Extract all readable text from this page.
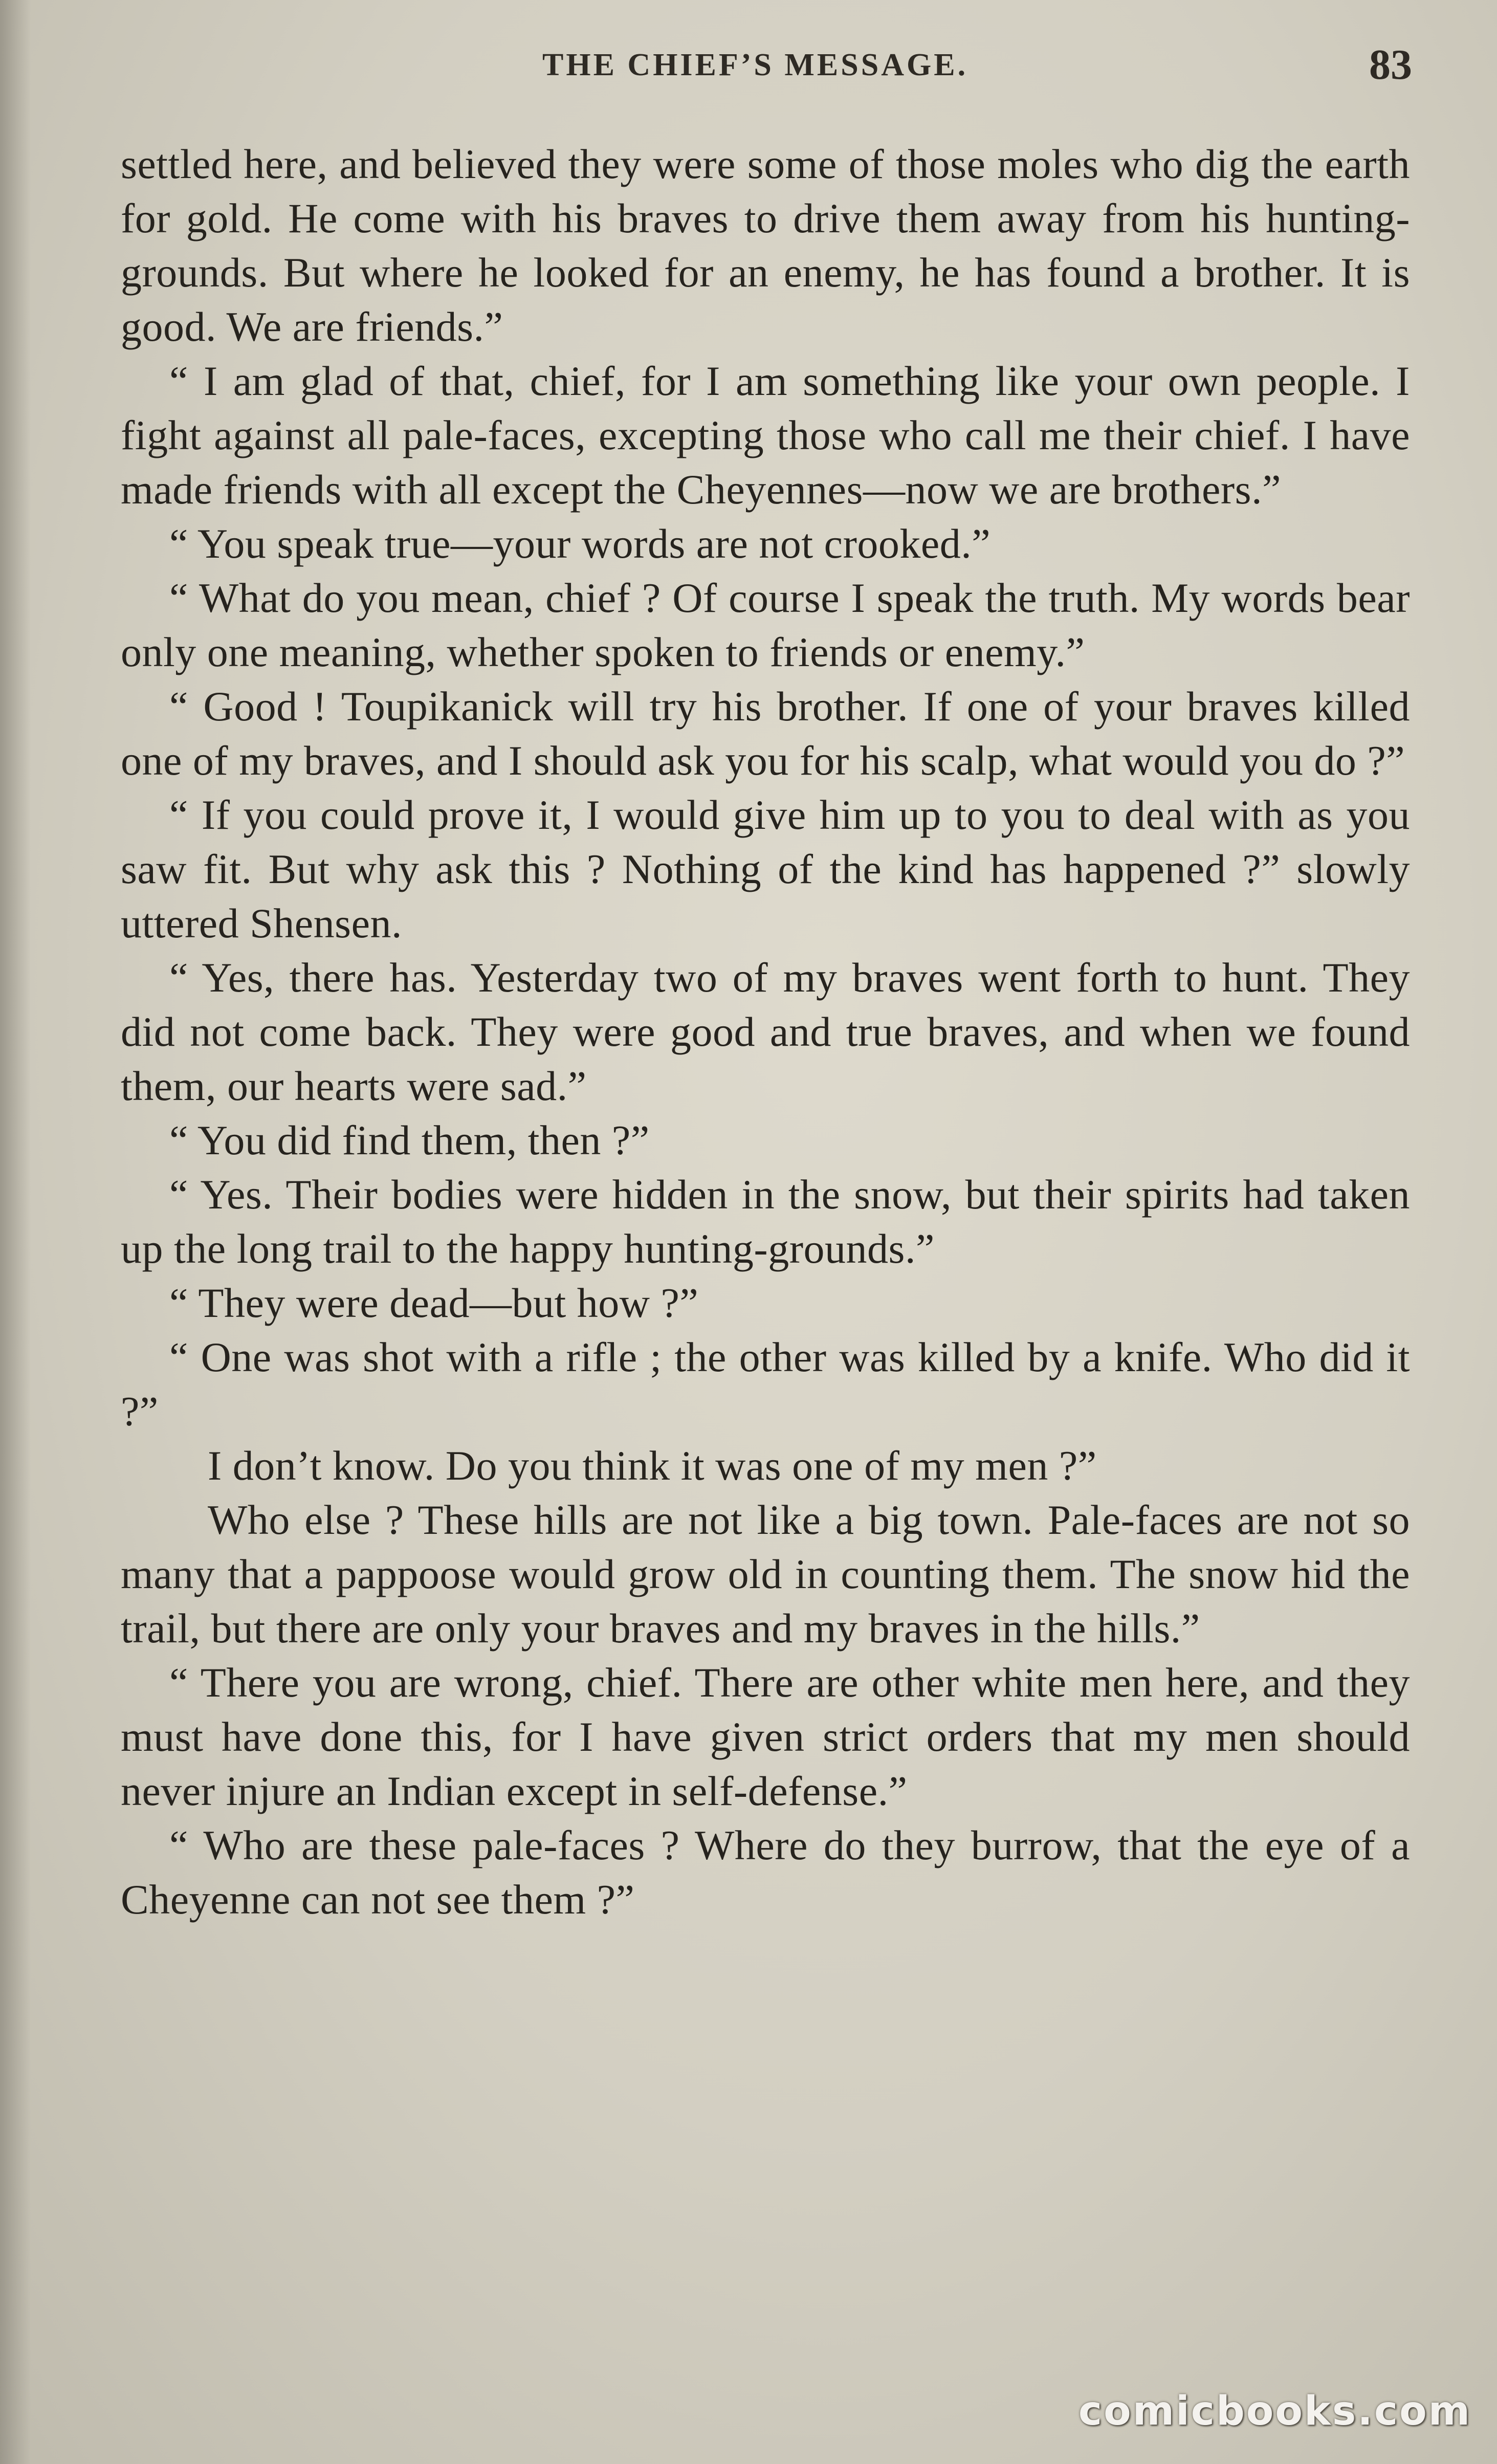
THE CHIEF’S MESSAGE.	83

settled here, and believed they were some of those moles who dig the earth for gold. He come with his braves to drive them away from his hunting-grounds. But where he looked for an enemy, he has found a brother. It is good. We are friends.”

“ I am glad of that, chief, for I am something like your own people. I fight against all pale-faces, excepting those who call me their chief. I have made friends with all except the Cheyennes—now we are brothers.”

“ You speak true—your words are not crooked.”

“ What do you mean, chief ? Of course I speak the truth. My words bear only one meaning, whether spoken to friends or enemy.”

“ Good ! Toupikanick will try his brother. If one of your braves killed one of my braves, and I should ask you for his scalp, what would you do ?”

“ If you could prove it, I would give him up to you to deal with as you saw fit. But why ask this ? Nothing of the kind has happened ?” slowly uttered Shensen.

“ Yes, there has. Yesterday two of my braves went forth to hunt. They did not come back. They were good and true braves, and when we found them, our hearts were sad.”

“ You did find them, then ?”

“ Yes. Their bodies were hidden in the snow, but their spirits had taken up the long trail to the happy hunting-grounds.”

“ They were dead—but how ?”

“ One was shot with a rifle ; the other was killed by a knife. Who did it ?”

I don’t know. Do you think it was one of my men ?”

Who else ? These hills are not like a big town. Pale-faces are not so many that a pappoose would grow old in counting them. The snow hid the trail, but there are only your braves and my braves in the hills.”

“ There you are wrong, chief. There are other white men here, and they must have done this, for I have given strict orders that my men should never injure an Indian except in self-defense.”

“ Who are these pale-faces ? Where do they burrow, that the eye of a Cheyenne can not see them ?”

comicbooks.com
